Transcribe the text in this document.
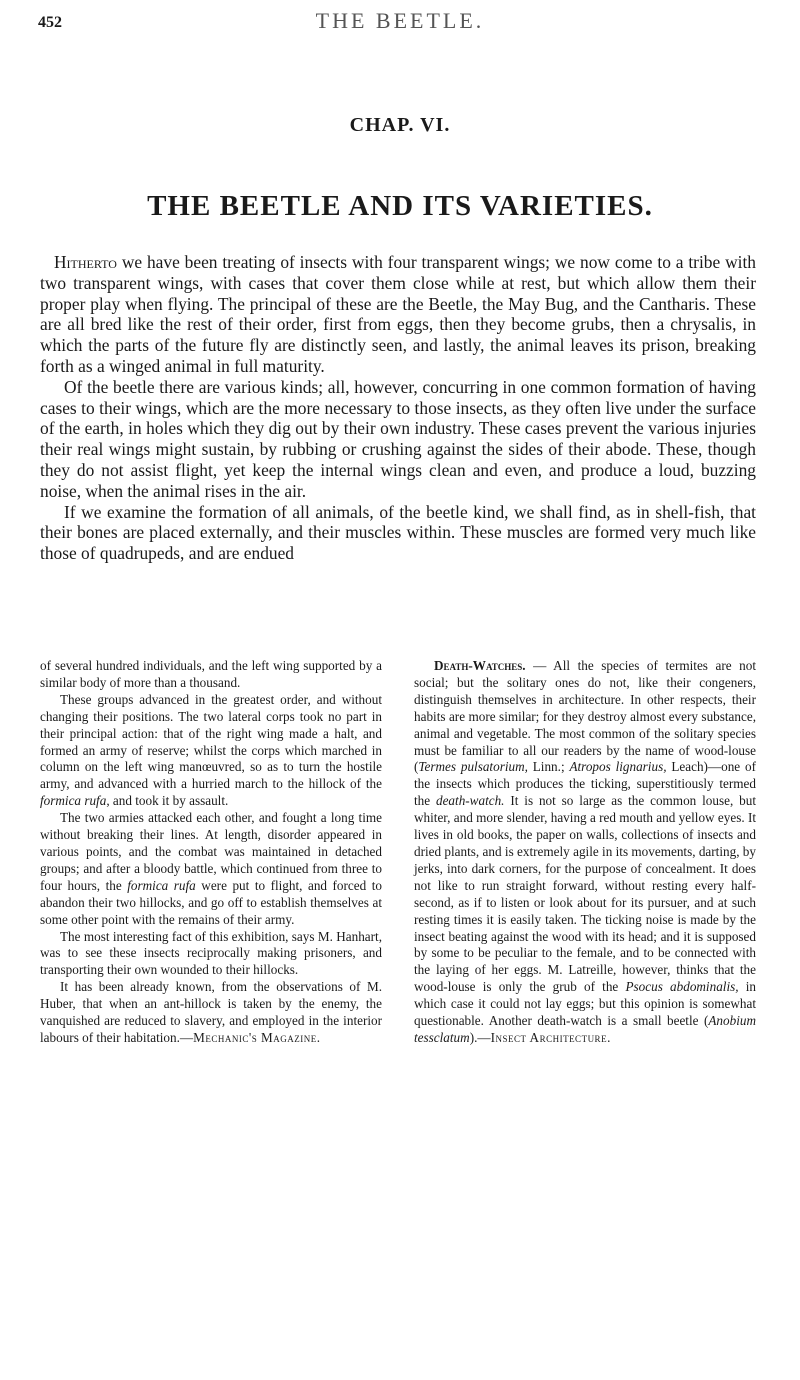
452	THE BEETLE.
CHAP. VI.
THE BEETLE AND ITS VARIETIES.

Hitherto we have been treating of insects with four transparent wings; we now come to a tribe with two transparent wings, with cases that cover them close while at rest, but which allow them their proper play when flying. The principal of these are the Beetle, the May Bug, and the Cantharis. These are all bred like the rest of their order, first from eggs, then they become grubs, then a chrysalis, in which the parts of the future fly are distinctly seen, and lastly, the animal leaves its prison, breaking forth as a winged animal in full maturity.

Of the beetle there are various kinds; all, however, concurring in one common formation of having cases to their wings, which are the more necessary to those insects, as they often live under the surface of the earth, in holes which they dig out by their own industry. These cases prevent the various injuries their real wings might sustain, by rubbing or crushing against the sides of their abode. These, though they do not assist flight, yet keep the internal wings clean and even, and produce a loud, buzzing noise, when the animal rises in the air.

If we examine the formation of all animals, of the beetle kind, we shall find, as in shell-fish, that their bones are placed externally, and their muscles within. These muscles are formed very much like those of quadrupeds, and are endued

of several hundred individuals, and the left wing supported by a similar body of more than a thousand.

These groups advanced in the greatest order, and without changing their positions. The two lateral corps took no part in their principal action: that of the right wing made a halt, and formed an army of reserve; whilst the corps which marched in column on the left wing manœuvred, so as to turn the hostile army, and advanced with a hurried march to the hillock of the formica rufa, and took it by assault.

The two armies attacked each other, and fought a long time without breaking their lines. At length, disorder appeared in various points, and the combat was maintained in detached groups; and after a bloody battle, which continued from three to four hours, the formica rufa were put to flight, and forced to abandon their two hillocks, and go off to establish themselves at some other point with the remains of their army.

The most interesting fact of this exhibition, says M. Hanhart, was to see these insects reciprocally making prisoners, and transporting their own wounded to their hillocks.

It has been already known, from the observations of M. Huber, that when an ant-hillock is taken by the enemy, the vanquished are reduced to slavery, and employed in the interior labours of their habitation.—Mechanic's Magazine.

Death-Watches. — All the species of termites are not social; but the solitary ones do not, like their congeners, distinguish themselves in architecture. In other respects, their habits are more similar; for they destroy almost every substance, animal and vegetable. The most common of the solitary species must be familiar to all our readers by the name of wood-louse (Termes pulsatorium, Linn.; Atropos lignarius, Leach)—one of the insects which produces the ticking, superstitiously termed the death-watch. It is not so large as the common louse, but whiter, and more slender, having a red mouth and yellow eyes. It lives in old books, the paper on walls, collections of insects and dried plants, and is extremely agile in its movements, darting, by jerks, into dark corners, for the purpose of concealment. It does not like to run straight forward, without resting every half-second, as if to listen or look about for its pursuer, and at such resting times it is easily taken. The ticking noise is made by the insect beating against the wood with its head; and it is supposed by some to be peculiar to the female, and to be connected with the laying of her eggs. M. Latreille, however, thinks that the wood-louse is only the grub of the Psocus abdominalis, in which case it could not lay eggs; but this opinion is somewhat questionable. Another death-watch is a small beetle (Anobium tessclatum).—Insect Architecture.
